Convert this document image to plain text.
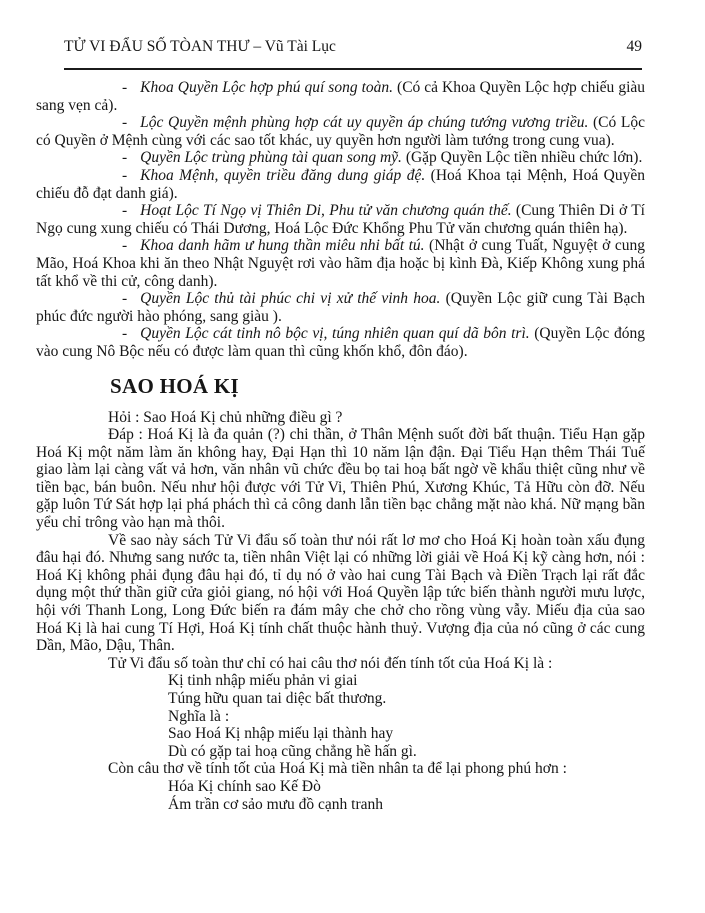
TỬ VI ĐẨU SỐ TÒAN THƯ – Vũ Tài Lục	49

- Khoa Quyền Lộc hợp phú quí song toàn. (Có cả Khoa Quyền Lộc hợp chiếu giàu sang vẹn cả).

- Lộc Quyền mệnh phùng hợp cát uy quyền áp chúng tướng vương triều. (Có Lộc có Quyền ở Mệnh cùng với các sao tốt khác, uy quyền hơn người làm tướng trong cung vua).

- Quyền Lộc trùng phùng tài quan song mỹ. (Gặp Quyền Lộc tiền nhiều chức lớn).

- Khoa Mệnh, quyền triều đăng dung giáp đệ. (Hoá Khoa tại Mệnh, Hoá Quyền chiếu đỗ đạt danh giá).

- Hoạt Lộc Tí Ngọ vị Thiên Di, Phu tử văn chương quán thế. (Cung Thiên Di ở Tí Ngọ cung xung chiếu có Thái Dương, Hoá Lộc Đức Khổng Phu Tử văn chương quán thiên hạ).

- Khoa danh hãm ư hung thần miêu nhi bất tú. (Nhật ở cung Tuất, Nguyệt ở cung Mão, Hoá Khoa khi ăn theo Nhật Nguyệt rơi vào hãm địa hoặc bị kình Đà, Kiếp Không xung phá tất khổ về thi cử, công danh).

- Quyền Lộc thủ tài phúc chi vị xử thế vinh hoa. (Quyền Lộc giữ cung Tài Bạch phúc đức người hào phóng, sang giàu ).

- Quyền Lộc cát tinh nô bộc vị, túng nhiên quan quí dã bôn trì. (Quyền Lộc đóng vào cung Nô Bộc nếu có được làm quan thì cũng khốn khổ, đôn đáo).

SAO HOÁ KỊ

Hỏi : Sao Hoá Kị chủ những điều gì ?

Đáp : Hoá Kị là đa quản (?) chi thần, ở Thân Mệnh suốt đời bất thuận. Tiểu Hạn gặp Hoá Kị một năm làm ăn không hay, Đại Hạn thì 10 năm lận đận. Đại Tiểu Hạn thêm Thái Tuế giao làm lại càng vất vả hơn, văn nhân vũ chức đều bọ tai hoạ bất ngờ về khẩu thiệt cũng như về tiền bạc, bán buôn. Nếu như hội được với Tử Vi, Thiên Phú, Xương Khúc, Tả Hữu còn đỡ. Nếu gặp luôn Tứ Sát hợp lại phá phách thì cả công danh lẫn tiền bạc chẳng mặt nào khá. Nữ mạng bần yểu chỉ trông vào hạn mà thôi.

Về sao này sách Tử Vi đẩu số toàn thư nói rất lơ mơ cho Hoá Kị hoàn toàn xấu đụng đâu hại đó. Nhưng sang nước ta, tiền nhân Việt lại có những lời giải về Hoá Kị kỹ càng hơn, nói : Hoá Kị không phải đụng đâu hại đó, tỉ dụ nó ở vào hai cung Tài Bạch và Điền Trạch lại rất đắc dụng một thứ thần giữ cửa giỏi giang, nó hội với Hoá Quyền lập tức biến thành người mưu lược, hội với Thanh Long, Long Đức biến ra đám mây che chở cho rồng vùng vẫy. Miếu địa của sao Hoá Kị là hai cung Tí Hợi, Hoá Kị tính chất thuộc hành thuỷ. Vượng địa của nó cũng ở các cung Dần, Mão, Dậu, Thân.

Tử Vi đẩu số toàn thư chỉ có hai câu thơ nói đến tính tốt của Hoá Kị là :

Kị tinh nhập miếu phản vi giai

Túng hữu quan tai diệc bất thương.

Nghĩa là :

Sao Hoá Kị nhập miếu lại thành hay

Dù có gặp tai hoạ cũng chẳng hề hấn gì.

Còn câu thơ về tính tốt của Hoá Kị mà tiền nhân ta để lại phong phú hơn :

Hóa Kị chính sao Kế Đò

Ám trần cơ sảo mưu đồ cạnh tranh
